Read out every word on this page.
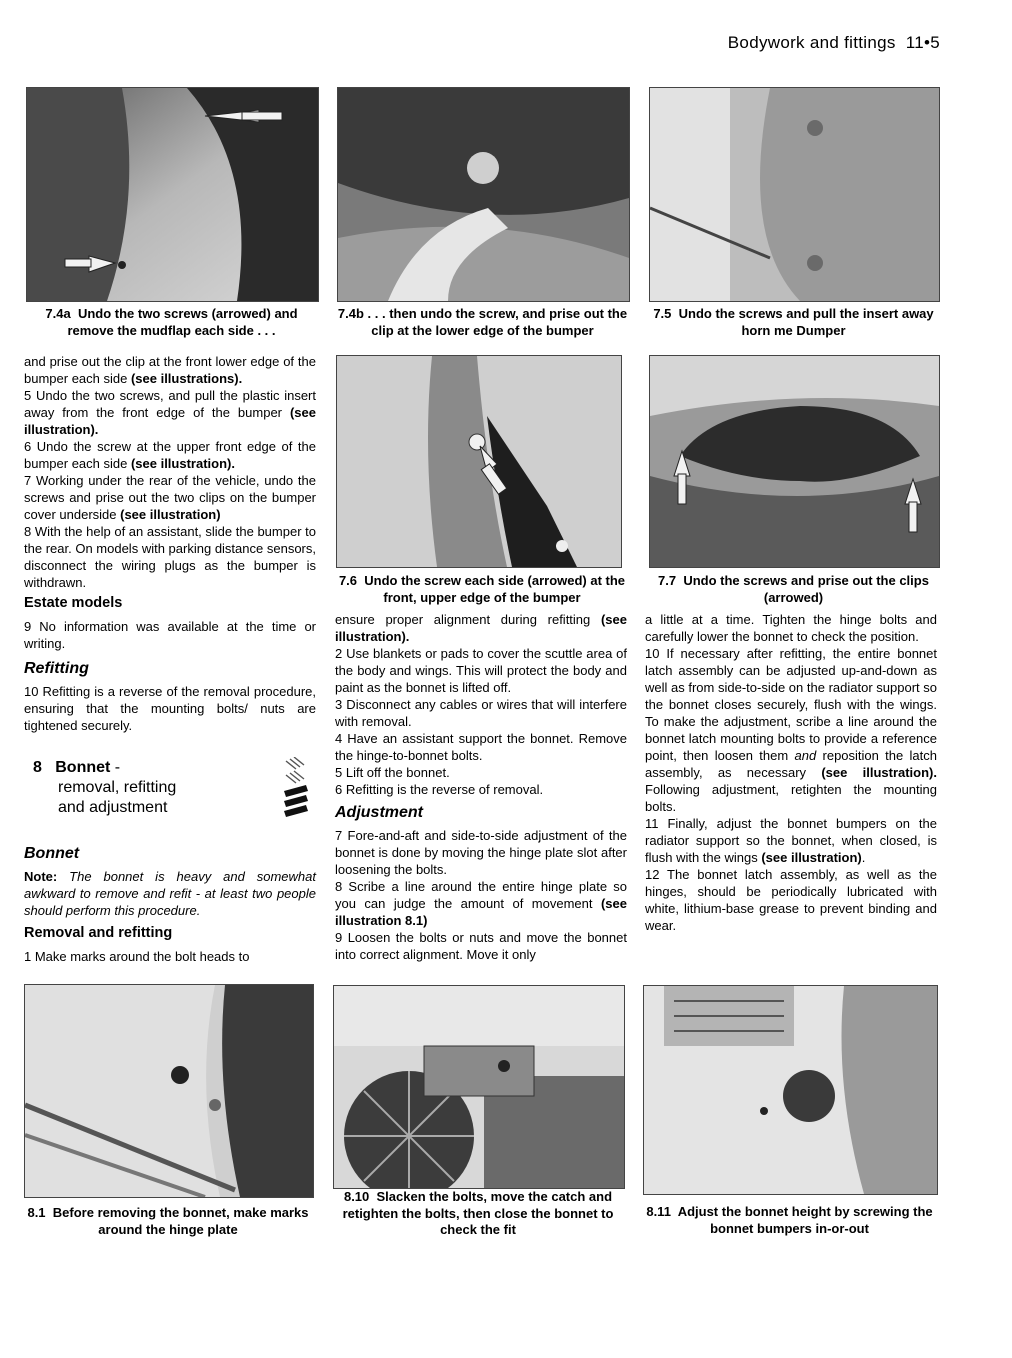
Bodywork and fittings 11•5
7.4a Undo the two screws (arrowed) and remove the mudflap each side . . .
7.4b . . . then undo the screw, and prise out the clip at the lower edge of the bumper
7.5 Undo the screws and pull the insert away horn me Dumper
7.6 Undo the screw each side (arrowed) at the front, upper edge of the bumper
7.7 Undo the screws and prise out the clips (arrowed)

and prise out the clip at the front lower edge of the bumper each side (see illustrations).

5 Undo the two screws, and pull the plastic insert away from the front edge of the bumper (see illustration).

6 Undo the screw at the upper front edge of the bumper each side (see illustration).

7 Working under the rear of the vehicle, undo the screws and prise out the two clips on the bumper cover underside (see illustration)

8 With the help of an assistant, slide the bumper to the rear. On models with parking distance sensors, disconnect the wiring plugs as the bumper is withdrawn.

Estate models

9 No information was available at the time or writing.

Refitting

10 Refitting is a reverse of the removal procedure, ensuring that the mounting bolts/ nuts are tightened securely.

8 Bonnet -
removal, refitting
and adjustment
Bonnet

Note: The bonnet is heavy and somewhat awkward to remove and refit - at least two people should perform this procedure.

Removal and refitting

1 Make marks around the bolt heads to

ensure proper alignment during refitting (see illustration).

2 Use blankets or pads to cover the scuttle area of the body and wings. This will protect the body and paint as the bonnet is lifted off.

3 Disconnect any cables or wires that will interfere with removal.

4 Have an assistant support the bonnet. Remove the hinge-to-bonnet bolts.

5 Lift off the bonnet.

6 Refitting is the reverse of removal.

Adjustment

7 Fore-and-aft and side-to-side adjustment of the bonnet is done by moving the hinge plate slot after loosening the bolts.

8 Scribe a line around the entire hinge plate so you can judge the amount of movement (see illustration 8.1)

9 Loosen the bolts or nuts and move the bonnet into correct alignment. Move it only

a little at a time. Tighten the hinge bolts and carefully lower the bonnet to check the position.

10 If necessary after refitting, the entire bonnet latch assembly can be adjusted up-and-down as well as from side-to-side on the radiator support so the bonnet closes securely, flush with the wings. To make the adjustment, scribe a line around the bonnet latch mounting bolts to provide a reference point, then loosen them and reposition the latch assembly, as necessary (see illustration). Following adjustment, retighten the mounting bolts.

11 Finally, adjust the bonnet bumpers on the radiator support so the bonnet, when closed, is flush with the wings (see illustration).

12 The bonnet latch assembly, as well as the hinges, should be periodically lubricated with white, lithium-base grease to prevent binding and wear.

8.1 Before removing the bonnet, make marks around the hinge plate
8.10 Slacken the bolts, move the catch and retighten the bolts, then close the bonnet to check the fit
8.11 Adjust the bonnet height by screwing the bonnet bumpers in-or-out
